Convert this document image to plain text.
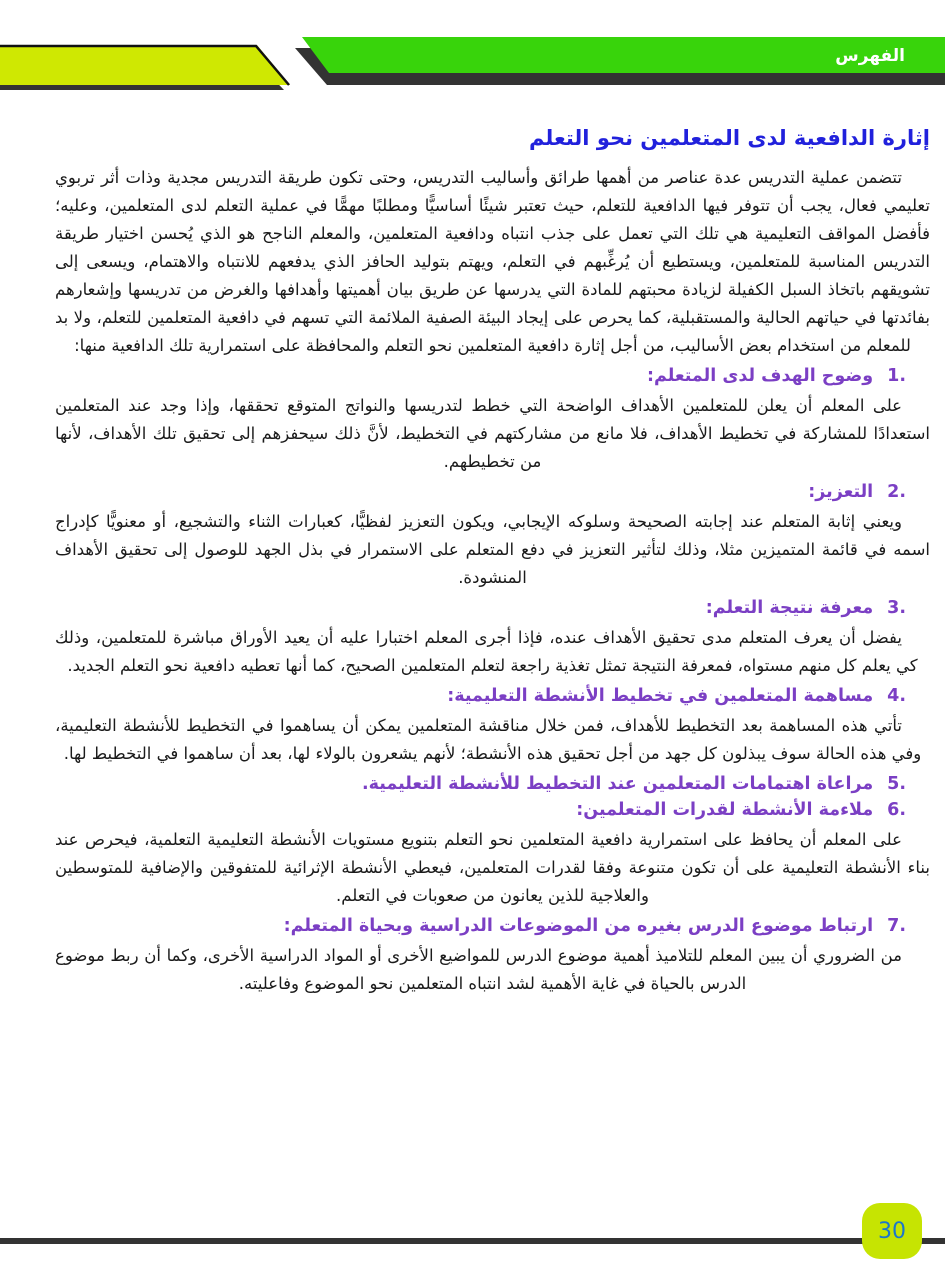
الفهرس
إثارة الدافعية لدى المتعلمين نحو التعلم

تتضمن عملية التدريس عدة عناصر من أهمها طرائق وأساليب التدريس، وحتى تكون طريقة التدريس مجدية وذات أثر تربوي تعليمي فعال، يجب أن تتوفر فيها الدافعية للتعلم، حيث تعتبر شيئًا أساسيًّا ومطلبًا مهمًّا في عملية التعلم لدى المتعلمين، وعليه؛ فأفضل المواقف التعليمية هي تلك التي تعمل على جذب انتباه ودافعية المتعلمين، والمعلم الناجح هو الذي يُحسن اختيار طريقة التدريس المناسبة للمتعلمين، ويستطيع أن يُرغِّبهم في التعلم، ويهتم بتوليد الحافز الذي يدفعهم للانتباه والاهتمام، ويسعى إلى تشويقهم باتخاذ السبل الكفيلة لزيادة محبتهم للمادة التي يدرسها عن طريق بيان أهميتها وأهدافها والغرض من تدريسها وإشعارهم بفائدتها في حياتهم الحالية والمستقبلية، كما يحرص على إيجاد البيئة الصفية الملائمة التي تسهم في دافعية المتعلمين للتعلم، ولا بد للمعلم من استخدام بعض الأساليب، من أجل إثارة دافعية المتعلمين نحو التعلم والمحافظة على استمرارية تلك الدافعية منها:

1.وضوح الهدف لدى المتعلم:

على المعلم أن يعلن للمتعلمين الأهداف الواضحة التي خطط لتدريسها والنواتج المتوقع تحققها، وإذا وجد عند المتعلمين استعدادًا للمشاركة في تخطيط الأهداف، فلا مانع من مشاركتهم في التخطيط، لأنَّ ذلك سيحفزهم إلى تحقيق تلك الأهداف، لأنها من تخطيطهم.

2.التعزيز:

ويعني إثابة المتعلم عند إجابته الصحيحة وسلوكه الإيجابي، ويكون التعزيز لفظيًّا، كعبارات الثناء والتشجيع، أو معنويًّا كإدراج اسمه في قائمة المتميزين مثلا، وذلك لتأثير التعزيز في دفع المتعلم على الاستمرار في بذل الجهد للوصول إلى تحقيق الأهداف المنشودة.

3.معرفة نتيجة التعلم:

يفضل أن يعرف المتعلم مدى تحقيق الأهداف عنده، فإذا أجرى المعلم اختبارا عليه أن يعيد الأوراق مباشرة للمتعلمين، وذلك كي يعلم كل منهم مستواه، فمعرفة النتيجة تمثل تغذية راجعة لتعلم المتعلمين الصحيح، كما أنها تعطيه دافعية نحو التعلم الجديد.

4.مساهمة المتعلمين في تخطيط الأنشطة التعليمية:

تأتي هذه المساهمة بعد التخطيط للأهداف، فمن خلال مناقشة المتعلمين يمكن أن يساهموا في التخطيط للأنشطة التعليمية، وفي هذه الحالة سوف يبذلون كل جهد من أجل تحقيق هذه الأنشطة؛ لأنهم يشعرون بالولاء لها، بعد أن ساهموا في التخطيط لها.

5.مراعاة اهتمامات المتعلمين عند التخطيط للأنشطة التعليمية.
6.ملاءمة الأنشطة لقدرات المتعلمين:

على المعلم أن يحافظ على استمرارية دافعية المتعلمين نحو التعلم بتنويع مستويات الأنشطة التعليمية التعلمية، فيحرص عند بناء الأنشطة التعليمية على أن تكون متنوعة وفقا لقدرات المتعلمين، فيعطي الأنشطة الإثرائية للمتفوقين والإضافية للمتوسطين والعلاجية للذين يعانون من صعوبات في التعلم.

7.ارتباط موضوع الدرس بغيره من الموضوعات الدراسية وبحياة المتعلم:

من الضروري أن يبين المعلم للتلاميذ أهمية موضوع الدرس للمواضيع الأخرى أو المواد الدراسية الأخرى، وكما أن ربط موضوع الدرس بالحياة في غاية الأهمية لشد انتباه المتعلمين نحو الموضوع وفاعليته.

30
